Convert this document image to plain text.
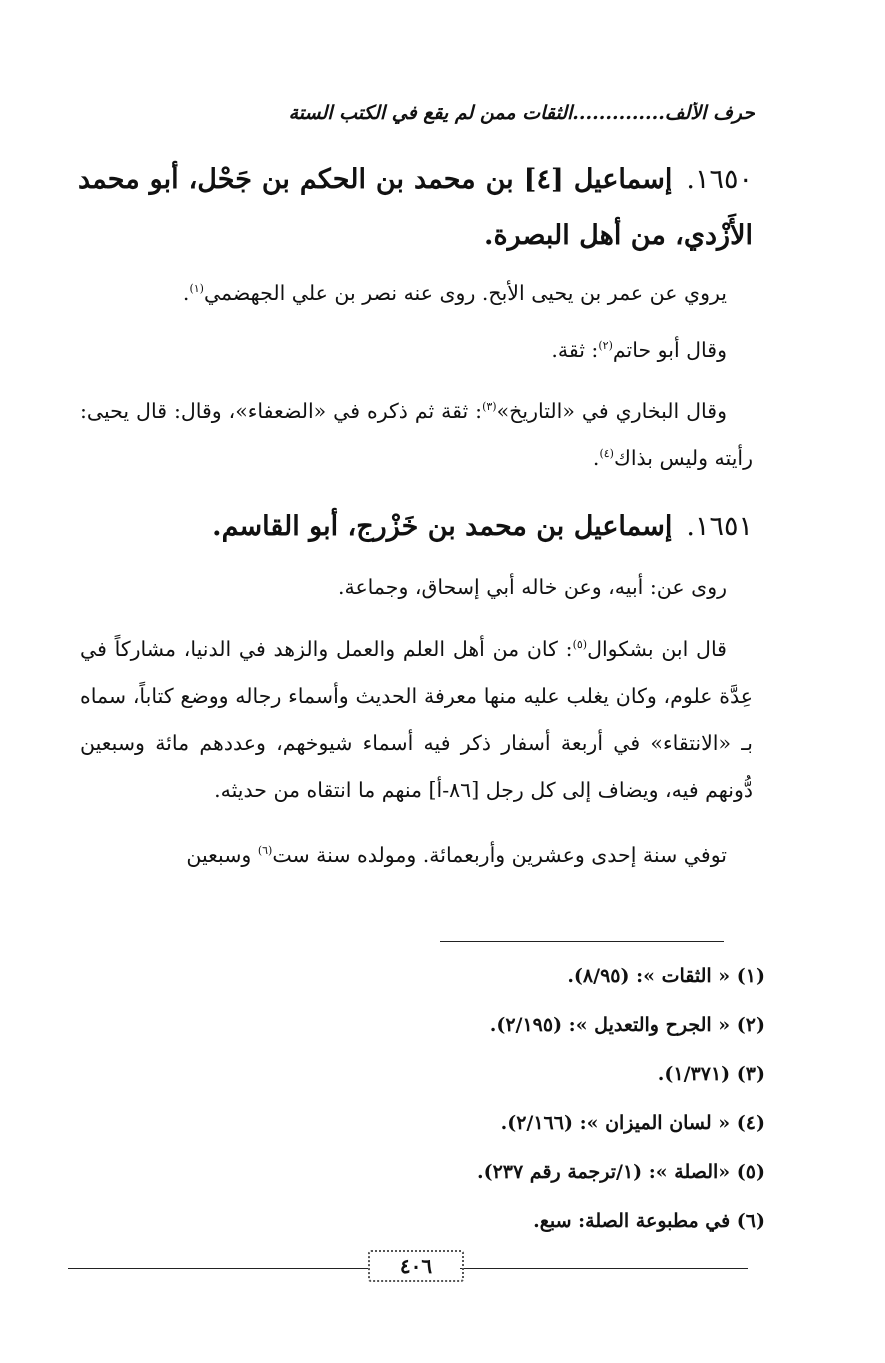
حرف الألف..............الثقات ممن لم يقع في الكتب الستة
١٦٥٠.إسماعيل [٤] بن محمد بن الحكم بن جَحْل، أبو محمد الأَزْدي، من أهل البصرة.
يروي عن عمر بن يحيى الأبح. روى عنه نصر بن علي الجهضمي$^{(١)}$.
وقال أبو حاتم$^{(٢)}$: ثقة.
وقال البخاري في «التاريخ»$^{(٣)}$: ثقة ثم ذكره في «الضعفاء»، وقال: قال يحيى: رأيته وليس بذاك$^{(٤)}$.
١٦٥١.إسماعيل بن محمد بن خَزْرج، أبو القاسم.
روى عن: أبيه، وعن خاله أبي إسحاق، وجماعة.
قال ابن بشكوال$^{(٥)}$: كان من أهل العلم والعمل والزهد في الدنيا، مشاركاً في عِدَّة علوم، وكان يغلب عليه منها معرفة الحديث وأسماء رجاله ووضع كتاباً، سماه بـ «الانتقاء» في أربعة أسفار ذكر فيه أسماء شيوخهم، وعددهم مائة وسبعين دُّونهم فيه، ويضاف إلى كل رجل [٨٦-أ] منهم ما انتقاه من حديثه.
توفي سنة إحدى وعشرين وأربعمائة. ومولده سنة ست$^{(٦)}$ وسبعين
(١) « الثقات »: (٨/٩٥).
(٢) « الجرح والتعديل »: (٢/١٩٥).
(٣) (١/٣٧١).
(٤) « لسان الميزان »: (٢/١٦٦).
(٥) «الصلة »: (١/ترجمة رقم ٢٣٧).
(٦) في مطبوعة الصلة: سبع.
٤٠٦
